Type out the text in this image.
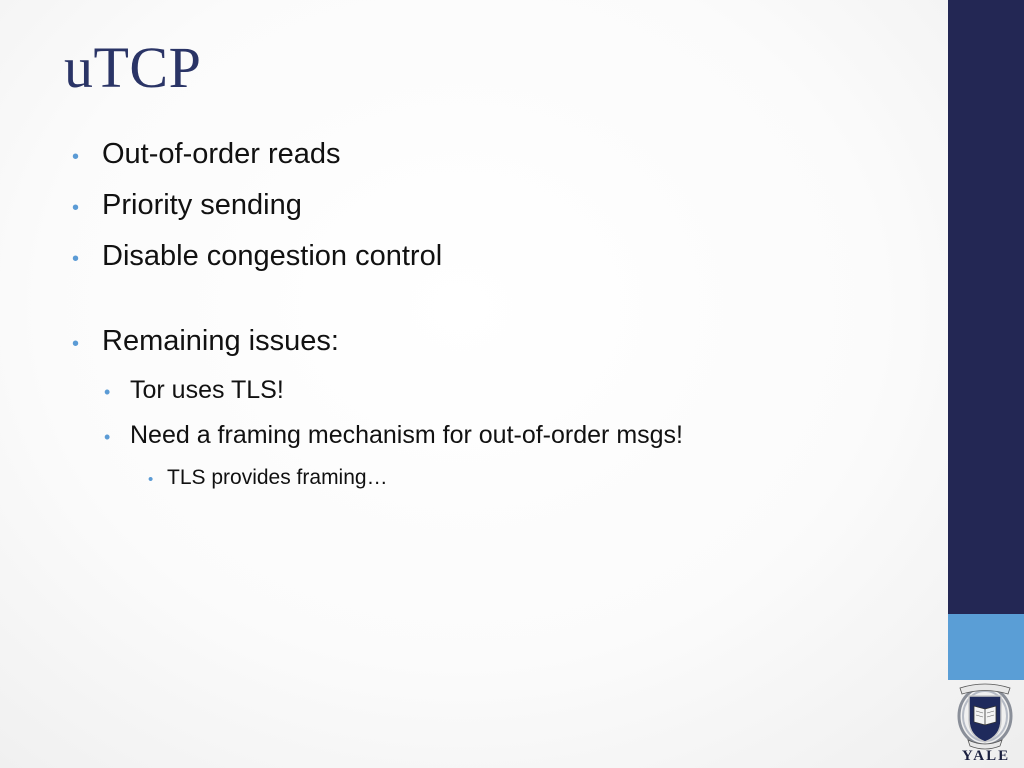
uTCP
• Out-of-order reads
• Priority sending
• Disable congestion control
• Remaining issues:
• Tor uses TLS!
• Need a framing mechanism for out-of-order msgs!
• TLS provides framing…
YALE
